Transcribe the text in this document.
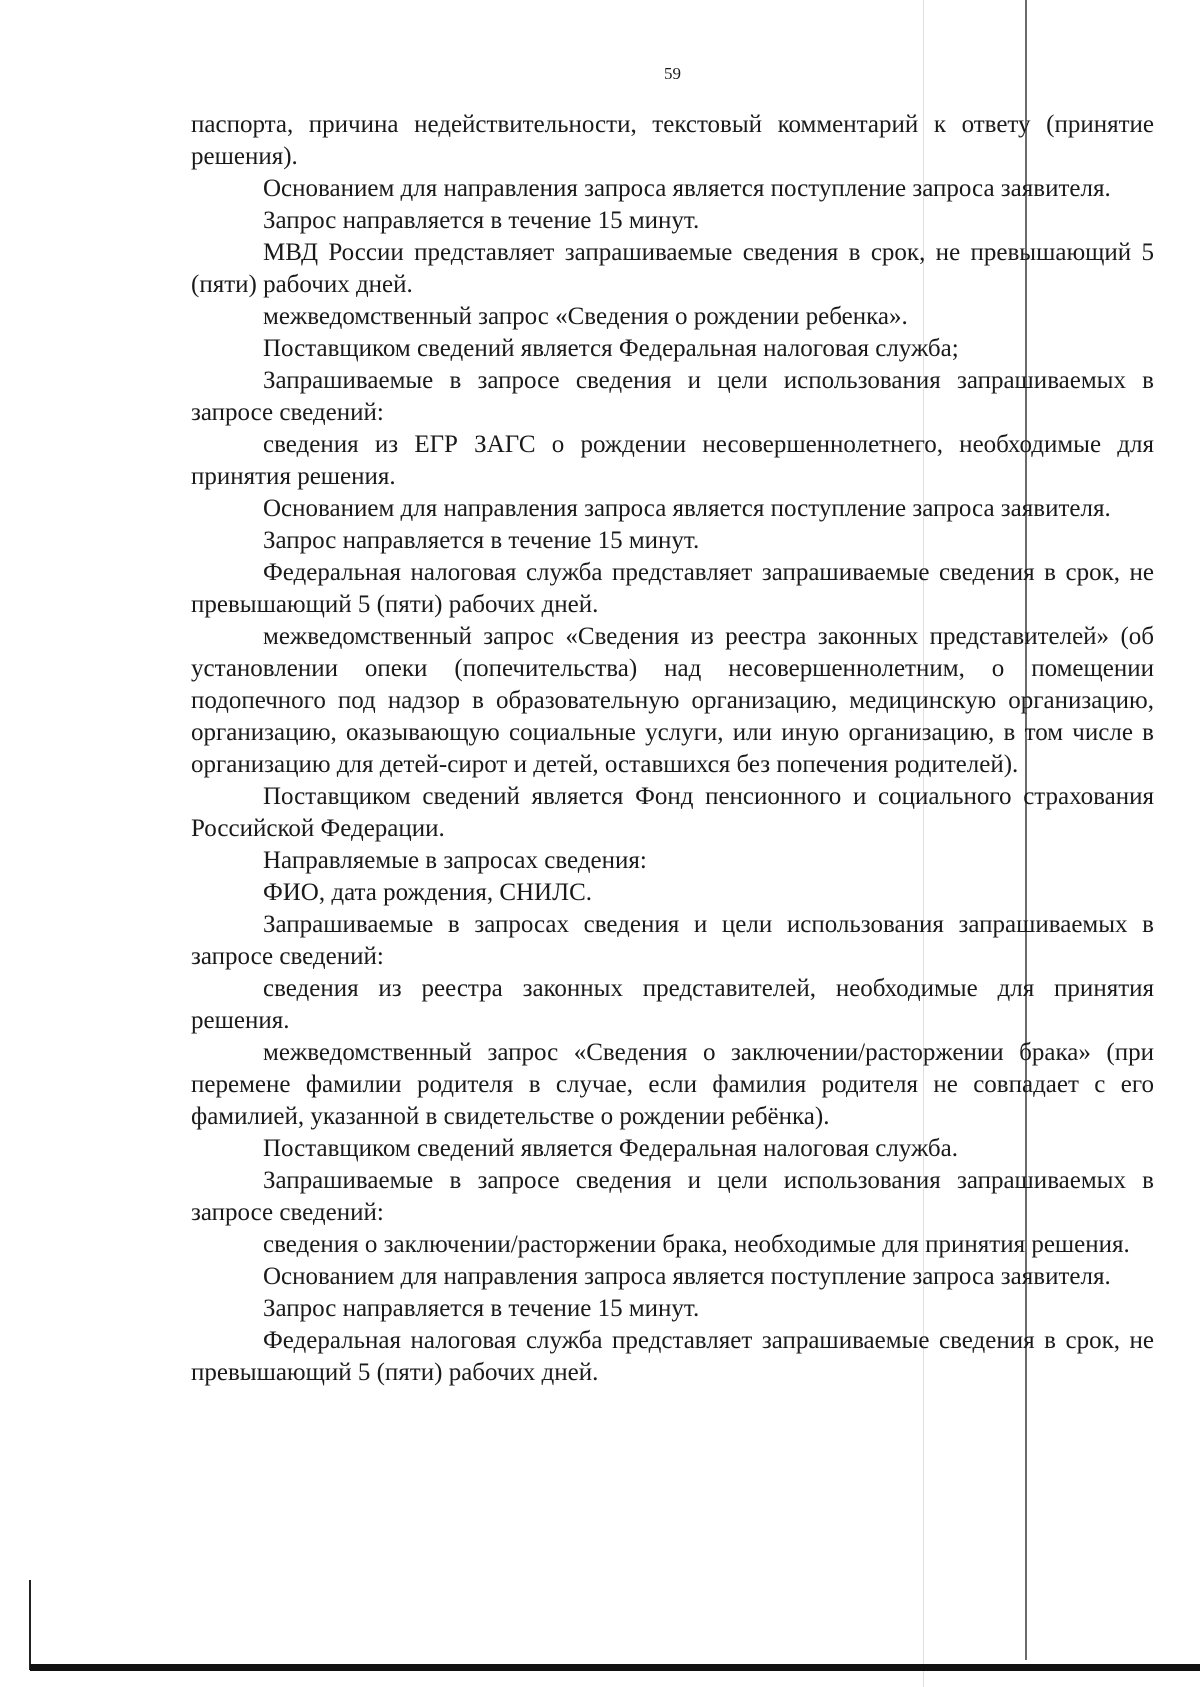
59

паспорта, причина недействительности, текстовый комментарий к ответу (принятие решения).

Основанием для направления запроса является поступление запроса заявителя.

Запрос направляется в течение 15 минут.

МВД России представляет запрашиваемые сведения в срок, не превышающий 5 (пяти) рабочих дней.

межведомственный запрос «Сведения о рождении ребенка».

Поставщиком сведений является Федеральная налоговая служба;

Запрашиваемые в запросе сведения и цели использования запрашиваемых в запросе сведений:

сведения из ЕГР ЗАГС о рождении несовершеннолетнего, необходимые для принятия решения.

Основанием для направления запроса является поступление запроса заявителя.

Запрос направляется в течение 15 минут.

Федеральная налоговая служба представляет запрашиваемые сведения в срок, не превышающий 5 (пяти) рабочих дней.

межведомственный запрос «Сведения из реестра законных представителей» (об установлении опеки (попечительства) над несовершеннолетним, о помещении подопечного под надзор в образовательную организацию, медицинскую организацию, организацию, оказывающую социальные услуги, или иную организацию, в том числе в организацию для детей-сирот и детей, оставшихся без попечения родителей).

Поставщиком сведений является Фонд пенсионного и социального страхования Российской Федерации.

Направляемые в запросах сведения:

ФИО, дата рождения, СНИЛС.

Запрашиваемые в запросах сведения и цели использования запрашиваемых в запросе сведений:

сведения из реестра законных представителей, необходимые для принятия решения.

межведомственный запрос «Сведения о заключении/расторжении брака» (при перемене фамилии родителя в случае, если фамилия родителя не совпадает с его фамилией, указанной в свидетельстве о рождении ребёнка).

Поставщиком сведений является Федеральная налоговая служба.

Запрашиваемые в запросе сведения и цели использования запрашиваемых в запросе сведений:

сведения о заключении/расторжении брака, необходимые для принятия решения.

Основанием для направления запроса является поступление запроса заявителя.

Запрос направляется в течение 15 минут.

Федеральная налоговая служба представляет запрашиваемые сведения в срок, не превышающий 5 (пяти) рабочих дней.
